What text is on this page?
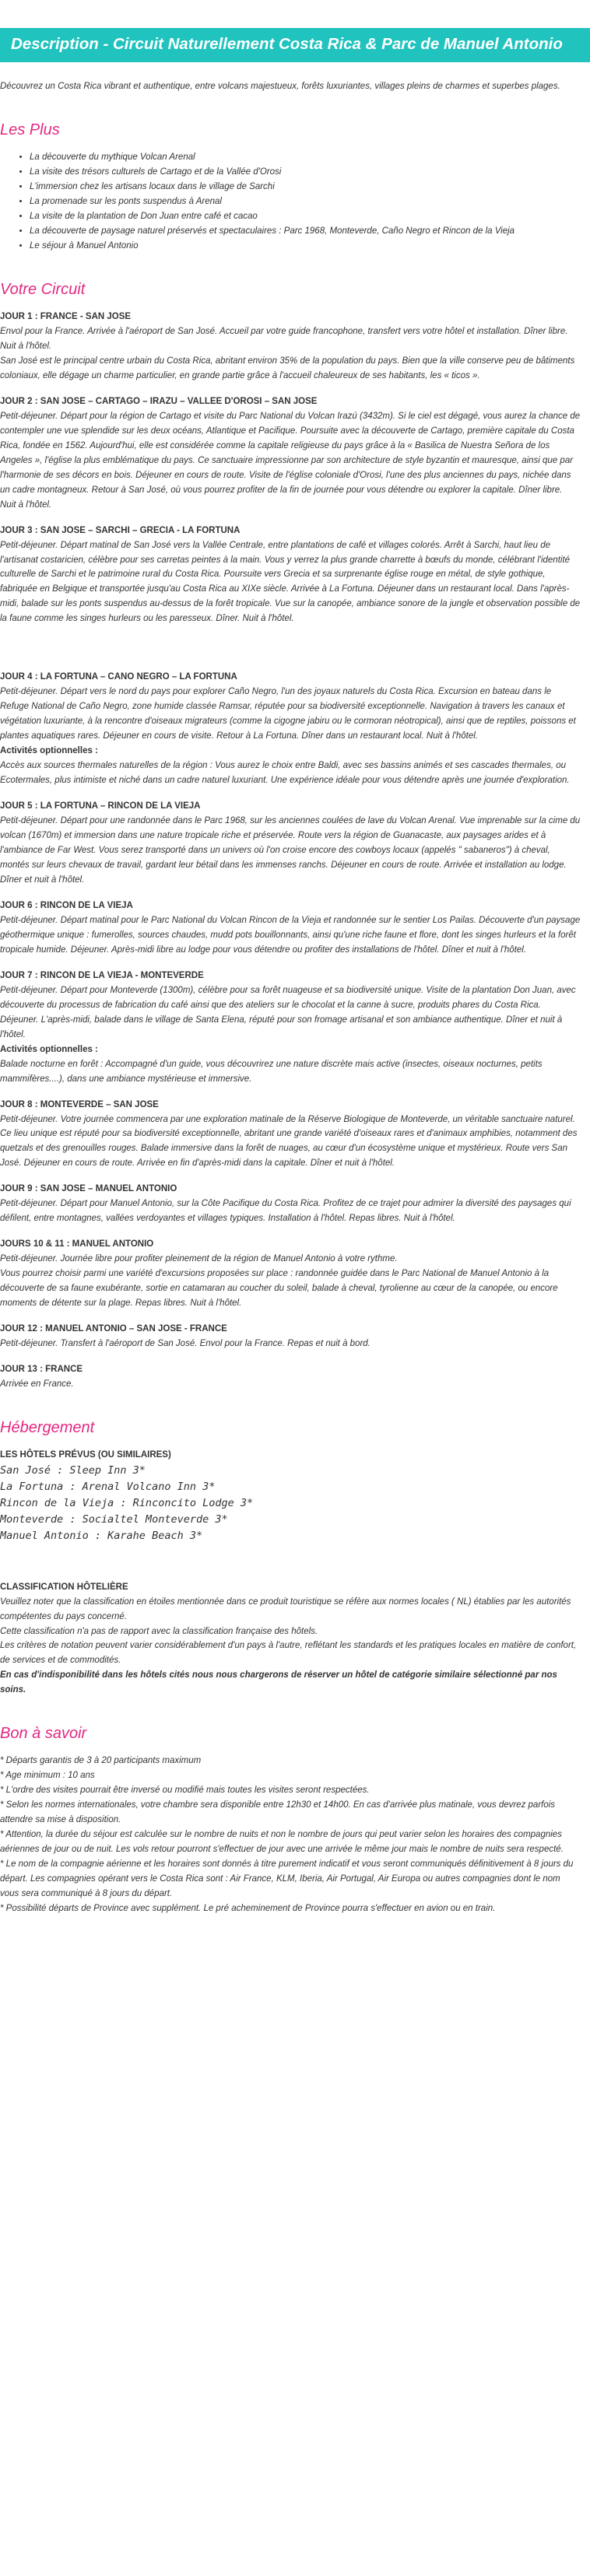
Description - Circuit Naturellement Costa Rica & Parc de Manuel Antonio

Découvrez un Costa Rica vibrant et authentique, entre volcans majestueux, forêts luxuriantes, villages pleins de charmes et superbes plages.

Les Plus
• La découverte du mythique Volcan Arenal
• La visite des trésors culturels de Cartago et de la Vallée d'Orosi
• L'immersion chez les artisans locaux dans le village de Sarchi
• La promenade sur les ponts suspendus à Arenal
• La visite de la plantation de Don Juan entre café et cacao
• La découverte de paysage naturel préservés et spectaculaires : Parc 1968, Monteverde, Caño Negro et Rincon de la Vieja
• Le séjour à Manuel Antonio
Votre Circuit
JOUR 1 : FRANCE - SAN JOSE

Envol pour la France. Arrivée à l'aéroport de San José. Accueil par votre guide francophone, transfert vers votre hôtel et installation. Dîner libre. Nuit à l'hôtel.

San José est le principal centre urbain du Costa Rica, abritant environ 35% de la population du pays. Bien que la ville conserve peu de bâtiments coloniaux, elle dégage un charme particulier, en grande partie grâce à l'accueil chaleureux de ses habitants, les « ticos ».

JOUR 2 : SAN JOSE – CARTAGO – IRAZU – VALLEE D'OROSI – SAN JOSE

Petit-déjeuner. Départ pour la région de Cartago et visite du Parc National du Volcan Irazú (3432m). Si le ciel est dégagé, vous aurez la chance de contempler une vue splendide sur les deux océans, Atlantique et Pacifique. Poursuite avec la découverte de Cartago, première capitale du Costa Rica, fondée en 1562. Aujourd'hui, elle est considérée comme la capitale religieuse du pays grâce à la « Basilica de Nuestra Señora de los Angeles », l'église la plus emblématique du pays. Ce sanctuaire impressionne par son architecture de style byzantin et mauresque, ainsi que par l'harmonie de ses décors en bois. Déjeuner en cours de route. Visite de l'église coloniale d'Orosi, l'une des plus anciennes du pays, nichée dans un cadre montagneux. Retour à San José, où vous pourrez profiter de la fin de journée pour vous détendre ou explorer la capitale. Dîner libre. Nuit à l'hôtel.

JOUR 3 : SAN JOSE – SARCHI – GRECIA - LA FORTUNA

Petit-déjeuner. Départ matinal de San José vers la Vallée Centrale, entre plantations de café et villages colorés. Arrêt à Sarchi, haut lieu de l'artisanat costaricien, célèbre pour ses carretas peintes à la main. Vous y verrez la plus grande charrette à bœufs du monde, célébrant l'identité culturelle de Sarchi et le patrimoine rural du Costa Rica. Poursuite vers Grecia et sa surprenante église rouge en métal, de style gothique, fabriquée en Belgique et transportée jusqu'au Costa Rica au XIXe siècle. Arrivée à La Fortuna. Déjeuner dans un restaurant local. Dans l'après-midi, balade sur les ponts suspendus au-dessus de la forêt tropicale. Vue sur la canopée, ambiance sonore de la jungle et observation possible de la faune comme les singes hurleurs ou les paresseux. Dîner. Nuit à l'hôtel.

JOUR 4 : LA FORTUNA – CANO NEGRO – LA FORTUNA

Petit-déjeuner. Départ vers le nord du pays pour explorer Caño Negro, l'un des joyaux naturels du Costa Rica. Excursion en bateau dans le Refuge National de Caño Negro, zone humide classée Ramsar, réputée pour sa biodiversité exceptionnelle. Navigation à travers les canaux et végétation luxuriante, à la rencontre d'oiseaux migrateurs (comme la cigogne jabiru ou le cormoran néotropical), ainsi que de reptiles, poissons et plantes aquatiques rares. Déjeuner en cours de visite. Retour à La Fortuna. Dîner dans un restaurant local. Nuit à l'hôtel.

Activités optionnelles :
Accès aux sources thermales naturelles de la région : Vous aurez le choix entre Baldi, avec ses bassins animés et ses cascades thermales, ou Ecotermales, plus intimiste et niché dans un cadre naturel luxuriant. Une expérience idéale pour vous détendre après une journée d'exploration.
JOUR 5 : LA FORTUNA – RINCON DE LA VIEJA

Petit-déjeuner. Départ pour une randonnée dans le Parc 1968, sur les anciennes coulées de lave du Volcan Arenal. Vue imprenable sur la cime du volcan (1670m) et immersion dans une nature tropicale riche et préservée. Route vers la région de Guanacaste, aux paysages arides et à l'ambiance de Far West. Vous serez transporté dans un univers où l'on croise encore des cowboys locaux (appelés " sabaneros") à cheval, montés sur leurs chevaux de travail, gardant leur bétail dans les immenses ranchs. Déjeuner en cours de route. Arrivée et installation au lodge. Dîner et nuit à l'hôtel.

JOUR 6 : RINCON DE LA VIEJA

Petit-déjeuner. Départ matinal pour le Parc National du Volcan Rincon de la Vieja et randonnée sur le sentier Los Pailas. Découverte d'un paysage géothermique unique : fumerolles, sources chaudes, mudd pots bouillonnants, ainsi qu'une riche faune et flore, dont les singes hurleurs et la forêt tropicale humide. Déjeuner. Après-midi libre au lodge pour vous détendre ou profiter des installations de l'hôtel. Dîner et nuit à l'hôtel.

JOUR 7 : RINCON DE LA VIEJA - MONTEVERDE

Petit-déjeuner. Départ pour Monteverde (1300m), célèbre pour sa forêt nuageuse et sa biodiversité unique. Visite de la plantation Don Juan, avec découverte du processus de fabrication du café ainsi que des ateliers sur le chocolat et la canne à sucre, produits phares du Costa Rica. Déjeuner. L'après-midi, balade dans le village de Santa Elena, réputé pour son fromage artisanal et son ambiance authentique. Dîner et nuit à l'hôtel.

Activités optionnelles :
Balade nocturne en forêt : Accompagné d'un guide, vous découvrirez une nature discrète mais active (insectes, oiseaux nocturnes, petits mammifères....), dans une ambiance mystérieuse et immersive.
JOUR 8 : MONTEVERDE – SAN JOSE

Petit-déjeuner. Votre journée commencera par une exploration matinale de la Réserve Biologique de Monteverde, un véritable sanctuaire naturel. Ce lieu unique est réputé pour sa biodiversité exceptionnelle, abritant une grande variété d'oiseaux rares et d'animaux amphibies, notamment des quetzals et des grenouilles rouges. Balade immersive dans la forêt de nuages, au cœur d'un écosystème unique et mystérieux. Route vers San José. Déjeuner en cours de route. Arrivée en fin d'après-midi dans la capitale. Dîner et nuit à l'hôtel.

JOUR 9 : SAN JOSE – MANUEL ANTONIO

Petit-déjeuner. Départ pour Manuel Antonio, sur la Côte Pacifique du Costa Rica. Profitez de ce trajet pour admirer la diversité des paysages qui défilent, entre montagnes, vallées verdoyantes et villages typiques. Installation à l'hôtel. Repas libres. Nuit à l'hôtel.

JOURS 10 & 11 : MANUEL ANTONIO

Petit-déjeuner. Journée libre pour profiter pleinement de la région de Manuel Antonio à votre rythme.

Vous pourrez choisir parmi une variété d'excursions proposées sur place : randonnée guidée dans le Parc National de Manuel Antonio à la découverte de sa faune exubérante, sortie en catamaran au coucher du soleil, balade à cheval, tyrolienne au cœur de la canopée, ou encore moments de détente sur la plage. Repas libres. Nuit à l'hôtel.

JOUR 12 : MANUEL ANTONIO – SAN JOSE - FRANCE

Petit-déjeuner. Transfert à l'aéroport de San José. Envol pour la France. Repas et nuit à bord.

JOUR 13 : FRANCE

Arrivée en France.

Hébergement
LES HÔTELS PRÉVUS (OU SIMILAIRES)
San José : Sleep Inn 3*
La Fortuna : Arenal Volcano Inn 3*
Rincon de la Vieja : Rinconcito Lodge 3*
Monteverde : Socialtel Monteverde 3*
Manuel Antonio : Karahe Beach 3*
CLASSIFICATION HÔTELIÈRE
Veuillez noter que la classification en étoiles mentionnée dans ce produit touristique se réfère aux normes locales ( NL) établies par les autorités compétentes du pays concerné.
Cette classification n'a pas de rapport avec la classification française des hôtels.
Les critères de notation peuvent varier considérablement d'un pays à l'autre, reflétant les standards et les pratiques locales en matière de confort, de services et de commodités.
En cas d'indisponibilité dans les hôtels cités nous nous chargerons de réserver un hôtel de catégorie similaire sélectionné par nos soins.
Bon à savoir

* Départs garantis de 3 à 20 participants maximum

* Age minimum : 10 ans

* L'ordre des visites pourrait être inversé ou modifié mais toutes les visites seront respectées.

* Selon les normes internationales, votre chambre sera disponible entre 12h30 et 14h00. En cas d'arrivée plus matinale, vous devrez parfois attendre sa mise à disposition.

* Attention, la durée du séjour est calculée sur le nombre de nuits et non le nombre de jours qui peut varier selon les horaires des compagnies aériennes de jour ou de nuit. Les vols retour pourront s'effectuer de jour avec une arrivée le même jour mais le nombre de nuits sera respecté.

* Le nom de la compagnie aérienne et les horaires sont donnés à titre purement indicatif et vous seront communiqués définitivement à 8 jours du départ. Les compagnies opérant vers le Costa Rica sont : Air France, KLM, Iberia, Air Portugal, Air Europa ou autres compagnies dont le nom vous sera communiqué à 8 jours du départ.

* Possibilité départs de Province avec supplément. Le pré acheminement de Province pourra s'effectuer en avion ou en train.
